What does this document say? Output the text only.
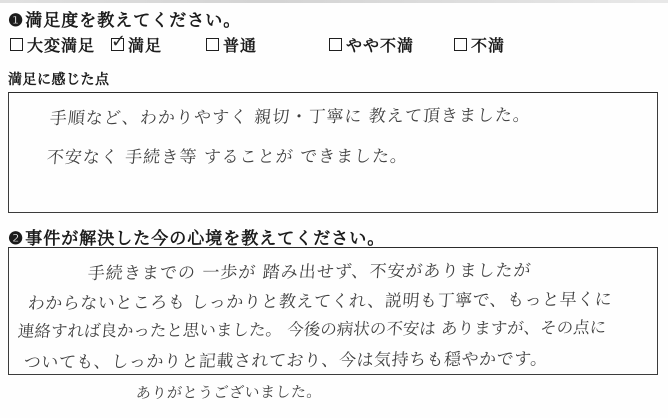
❶満足度を教えてください。
大変満足 ✓ 満足	普通	やや不満	不満
満足に感じた点
手順など、わかりやすく 親切・丁寧に 教えて頂きました。
不安なく 手続き等 することが できました。
❷事件が解決した今の心境を教えてください。
手続きまでの 一歩が 踏み出せず、不安がありましたが
わからないところも しっかりと教えてくれ、説明も丁寧で、もっと早くに
連絡すれば良かったと思いました。 今後の病状の不安は ありますが、その点に
ついても、しっかりと記載されており、今は気持ちも穏やかです。
ありがとうございました。
